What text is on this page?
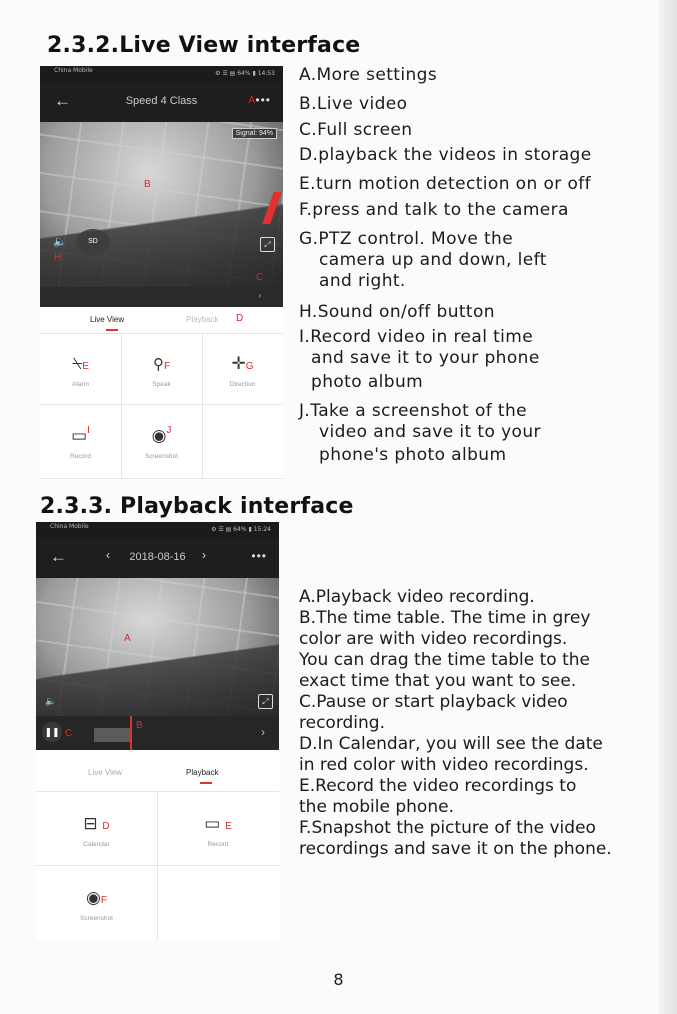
2.3.2.Live View interface
China Mobile	⚙ ☰ ▤ 64% ▮ 14:53
←	Speed 4 Class	A •••
Signal: 94%
B
C
🔈
H
SD	⤢
›
Live View	Playback D
⍀E
Alarm
⚲F
Speak
✛G
Direction
▭$^I$
Record
◉$^J$
Screenshot
A.More settings
B.Live video
C.Full screen
D.playback the videos in storage
E.turn motion detection on or off
F.press and talk to the camera
G.PTZ control. Move the
camera up and down, left
and right.
H.Sound on/off button
I.Record video in real time
and save it to your phone
photo album
J.Take a screenshot of the
video and save it to your
phone's photo album
2.3.3. Playback interface
China Mobile	⚙ ☰ ▤ 64% ▮ 15:24
←	‹	2018-08-16	›	•••
A
🔈	⤢
❚❚ C
B	›
Live View	Playback
⊟ D
Calendar
▭ E
Record
◉F
Screenshot
A.Playback video recording.
B.The time table. The time in grey
color are with video recordings.
You can drag the time table to the
exact time that you want to see.
C.Pause or start playback video
recording.
D.In Calendar, you will see the date
in red color with video recordings.
E.Record the video recordings to
the mobile phone.
F.Snapshot the picture of the video
recordings and save it on the phone.
8
